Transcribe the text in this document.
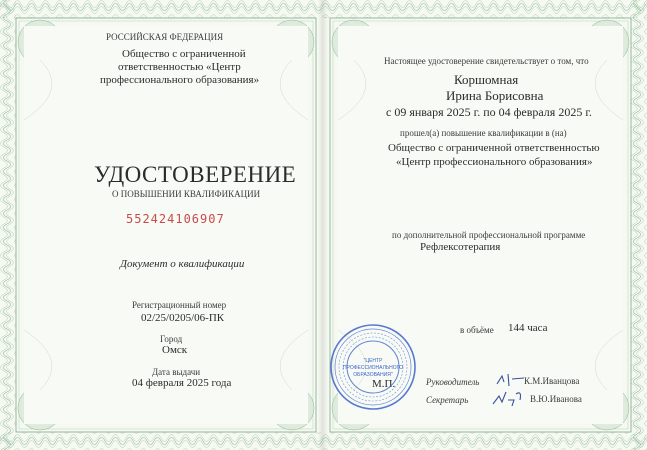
РОССИЙСКАЯ ФЕДЕРАЦИЯ
Общество с ограниченной
ответственностью «Центр
профессионального образования»
УДОСТОВЕРЕНИЕ
О ПОВЫШЕНИИ КВАЛИФИКАЦИИ
552424106907
Документ о квалификации
Регистрационный номер
02/25/0205/06-ПК
Город
Омск
Дата выдачи
04 февраля 2025 года
Настоящее удостоверение свидетельствует о том, что
Коршомная
Ирина Борисовна
с 09 января 2025 г. по 04 февраля 2025 г.
прошел(а) повышение квалификации в (на)
Общество с ограниченной ответственностью
«Центр профессионального образования»
по дополнительной профессиональной программе
Рефлексотерапия
в объёме 144 часа
М.П.	Руководитель	К.М.Иванцова
Секретарь	В.Ю.Иванова
"ЦЕНТР
ПРОФЕССИОНАЛЬНОГО
ОБРАЗОВАНИЯ"
